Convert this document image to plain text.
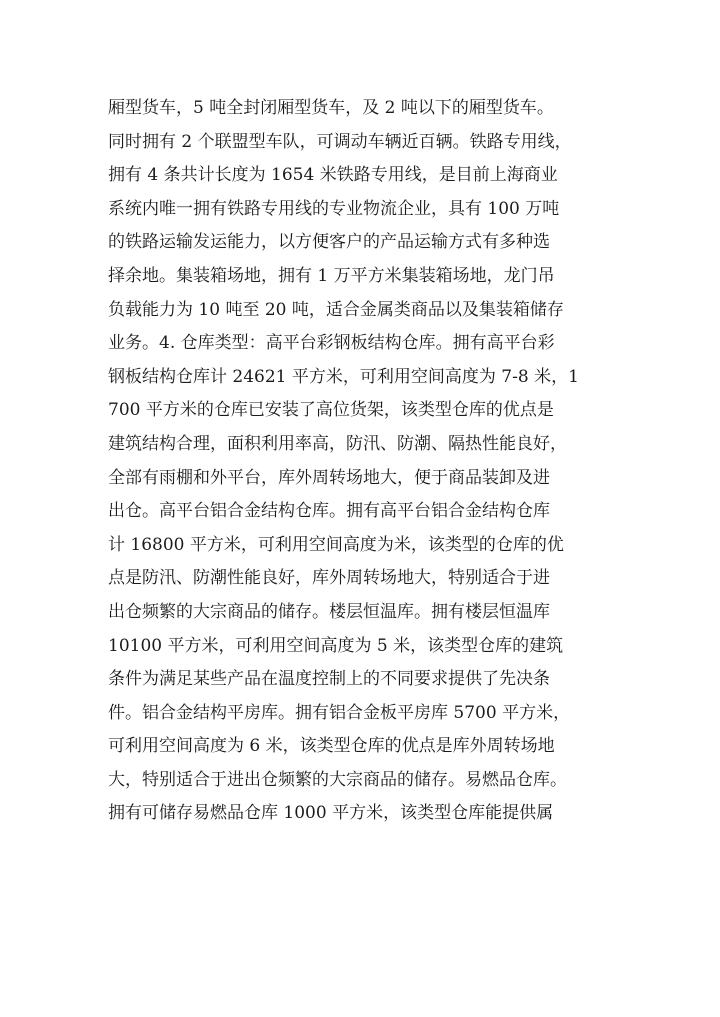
厢型货车，5 吨全封闭厢型货车，及 2 吨以下的厢型货车。
同时拥有 2 个联盟型车队，可调动车辆近百辆。铁路专用线，
拥有 4 条共计长度为 1654 米铁路专用线，是目前上海商业
系统内唯一拥有铁路专用线的专业物流企业，具有 100 万吨
的铁路运输发运能力，以方便客户的产品运输方式有多种选
择余地。集装箱场地，拥有 1 万平方米集装箱场地，龙门吊
负载能力为 10 吨至 20 吨，适合金属类商品以及集装箱储存
业务。4. 仓库类型：高平台彩钢板结构仓库。拥有高平台彩
钢板结构仓库计 24621 平方米，可利用空间高度为 7-8 米，1
700 平方米的仓库已安装了高位货架，该类型仓库的优点是
建筑结构合理，面积利用率高，防汛、防潮、隔热性能良好，
全部有雨棚和外平台，库外周转场地大，便于商品装卸及进
出仓。高平台铝合金结构仓库。拥有高平台铝合金结构仓库
计 16800 平方米，可利用空间高度为米，该类型的仓库的优
点是防汛、防潮性能良好，库外周转场地大，特别适合于进
出仓频繁的大宗商品的储存。楼层恒温库。拥有楼层恒温库
10100 平方米，可利用空间高度为 5 米，该类型仓库的建筑
条件为满足某些产品在温度控制上的不同要求提供了先决条
件。铝合金结构平房库。拥有铝合金板平房库 5700 平方米，
可利用空间高度为 6 米，该类型仓库的优点是库外周转场地
大，特别适合于进出仓频繁的大宗商品的储存。易燃品仓库。
拥有可储存易燃品仓库 1000 平方米，该类型仓库能提供属
